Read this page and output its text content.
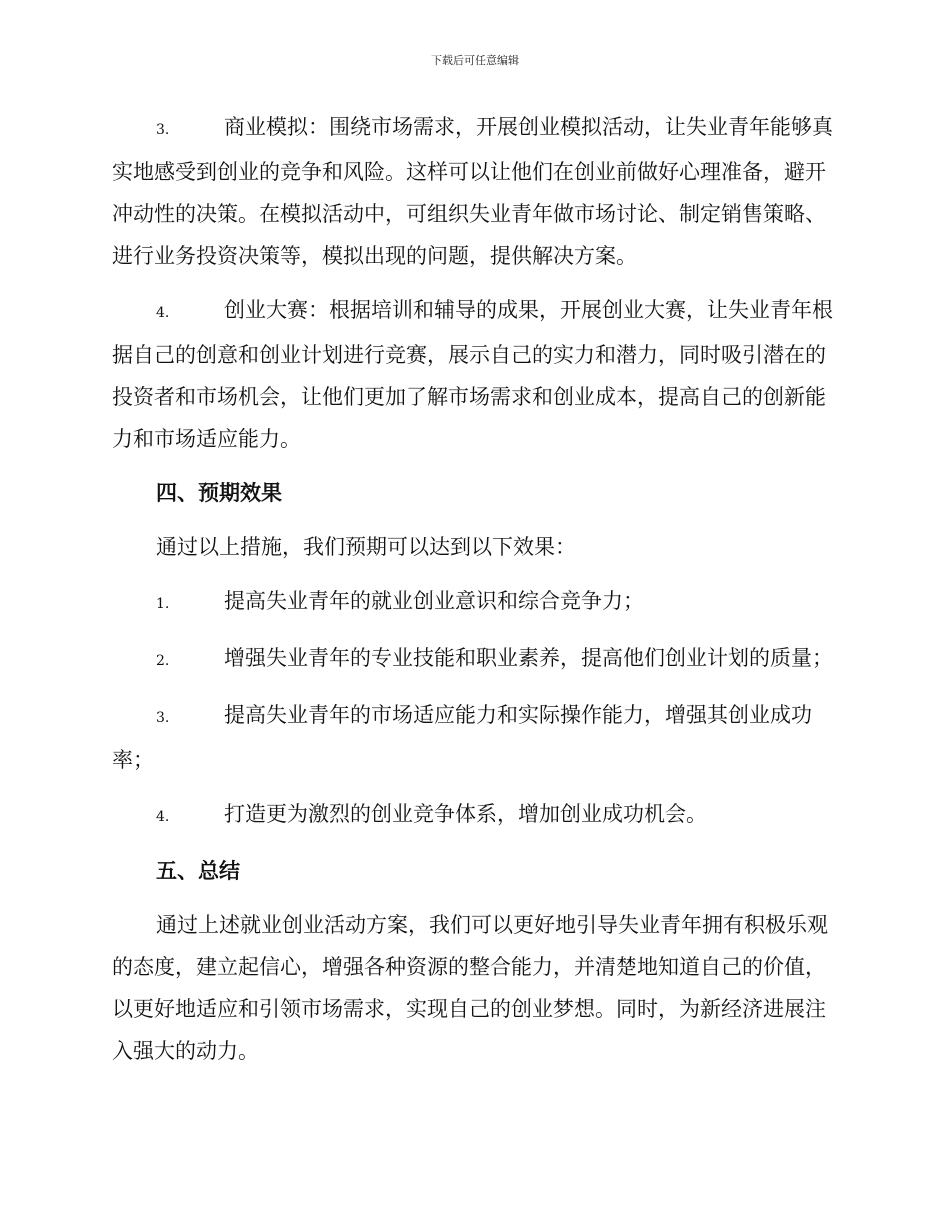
下载后可任意编辑

3.	商业模拟：围绕市场需求，开展创业模拟活动，让失业青年能够真实地感受到创业的竞争和风险。这样可以让他们在创业前做好心理准备，避开冲动性的决策。在模拟活动中，可组织失业青年做市场讨论、制定销售策略、进行业务投资决策等，模拟出现的问题，提供解决方案。

4.	创业大赛：根据培训和辅导的成果，开展创业大赛，让失业青年根据自己的创意和创业计划进行竞赛，展示自己的实力和潜力，同时吸引潜在的投资者和市场机会，让他们更加了解市场需求和创业成本，提高自己的创新能力和市场适应能力。

四、预期效果

通过以上措施，我们预期可以达到以下效果：

1.	提高失业青年的就业创业意识和综合竞争力；

2.	增强失业青年的专业技能和职业素养，提高他们创业计划的质量；

3.	提高失业青年的市场适应能力和实际操作能力，增强其创业成功率；

4.	打造更为激烈的创业竞争体系，增加创业成功机会。

五、总结

通过上述就业创业活动方案，我们可以更好地引导失业青年拥有积极乐观的态度，建立起信心，增强各种资源的整合能力，并清楚地知道自己的价值，以更好地适应和引领市场需求，实现自己的创业梦想。同时，为新经济进展注入强大的动力。
